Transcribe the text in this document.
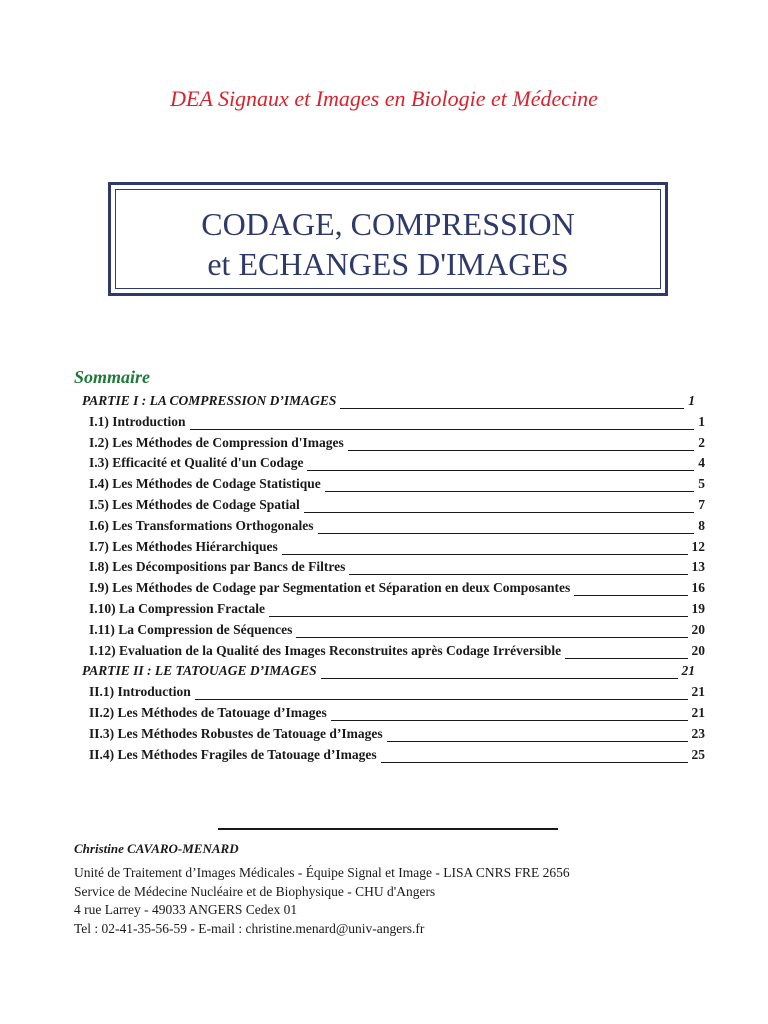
DEA Signaux et Images en Biologie et Médecine
CODAGE, COMPRESSION
et ECHANGES D'IMAGES
Sommaire
PARTIE I : LA COMPRESSION D’IMAGES	1
I.1) Introduction	1
I.2) Les Méthodes de Compression d'Images	2
I.3) Efficacité et Qualité d'un Codage	4
I.4) Les Méthodes de Codage Statistique	5
I.5) Les Méthodes de Codage Spatial	7
I.6) Les Transformations Orthogonales	8
I.7) Les Méthodes Hiérarchiques	12
I.8) Les Décompositions par Bancs de Filtres	13
I.9) Les Méthodes de Codage par Segmentation et Séparation en deux Composantes	16
I.10) La Compression Fractale	19
I.11) La Compression de Séquences	20
I.12) Evaluation de la Qualité des Images Reconstruites après Codage Irréversible	20
PARTIE II : LE TATOUAGE D’IMAGES	21
II.1) Introduction	21
II.2) Les Méthodes de Tatouage d’Images	21
II.3) Les Méthodes Robustes de Tatouage d’Images	23
II.4) Les Méthodes Fragiles de Tatouage d’Images	25
Christine CAVARO-MENARD
Unité de Traitement d’Images Médicales - Équipe Signal et Image - LISA CNRS FRE 2656
Service de Médecine Nucléaire et de Biophysique - CHU d'Angers
4 rue Larrey - 49033 ANGERS Cedex 01
Tel : 02-41-35-56-59 - E-mail : christine.menard@univ-angers.fr
